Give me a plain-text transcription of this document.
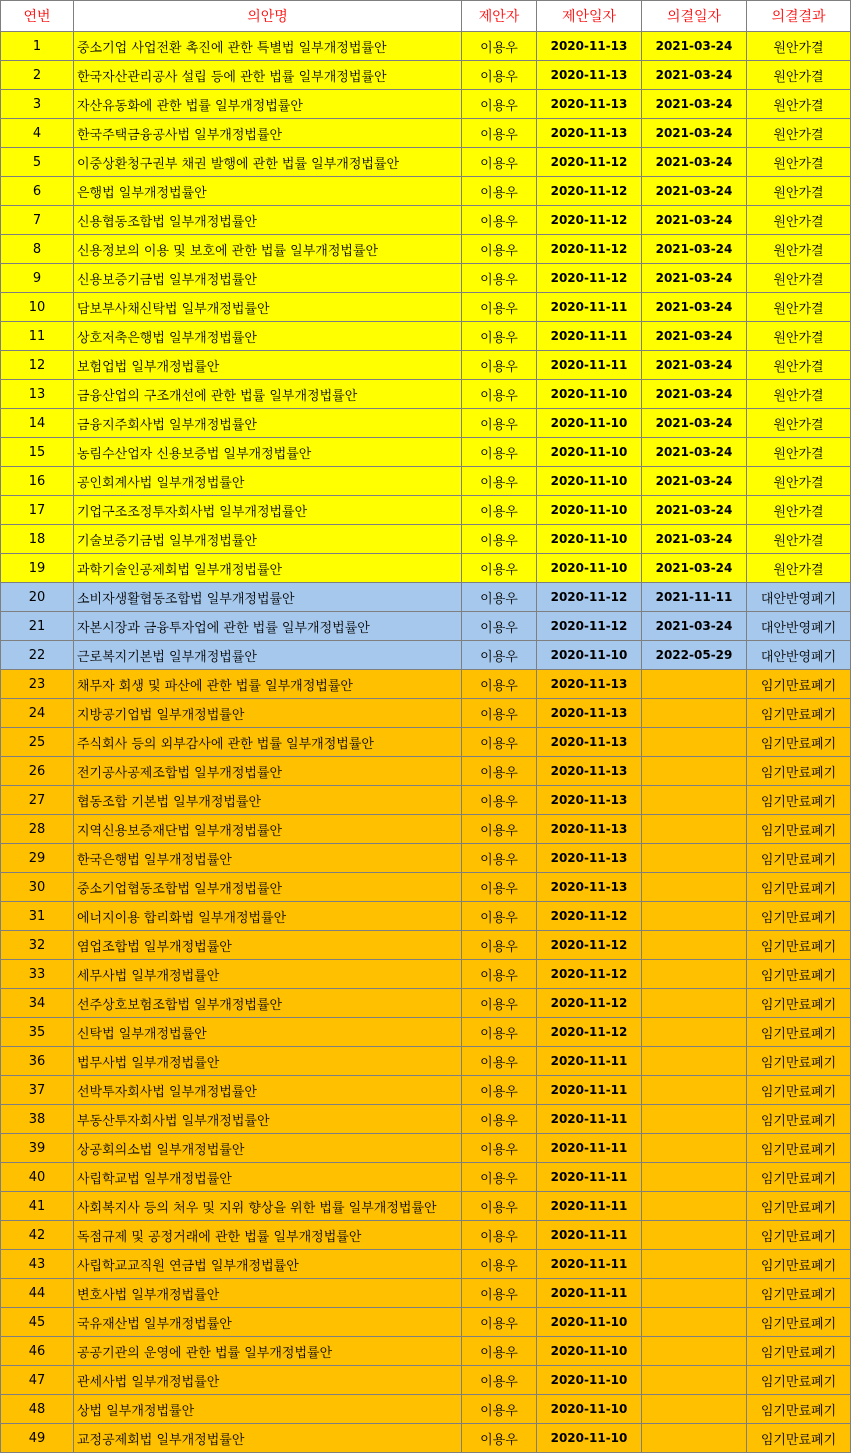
연번	의안명	제안자	제안일자	의결일자	의결결과
1	중소기업 사업전환 촉진에 관한 특별법 일부개정법률안	이용우	2020-11-13	2021-03-24	원안가결
2	한국자산관리공사 설립 등에 관한 법률 일부개정법률안	이용우	2020-11-13	2021-03-24	원안가결
3	자산유동화에 관한 법률 일부개정법률안	이용우	2020-11-13	2021-03-24	원안가결
4	한국주택금융공사법 일부개정법률안	이용우	2020-11-13	2021-03-24	원안가결
5	이중상환청구권부 채권 발행에 관한 법률 일부개정법률안	이용우	2020-11-12	2021-03-24	원안가결
6	은행법 일부개정법률안	이용우	2020-11-12	2021-03-24	원안가결
7	신용협동조합법 일부개정법률안	이용우	2020-11-12	2021-03-24	원안가결
8	신용정보의 이용 및 보호에 관한 법률 일부개정법률안	이용우	2020-11-12	2021-03-24	원안가결
9	신용보증기금법 일부개정법률안	이용우	2020-11-12	2021-03-24	원안가결
10	담보부사채신탁법 일부개정법률안	이용우	2020-11-11	2021-03-24	원안가결
11	상호저축은행법 일부개정법률안	이용우	2020-11-11	2021-03-24	원안가결
12	보험업법 일부개정법률안	이용우	2020-11-11	2021-03-24	원안가결
13	금융산업의 구조개선에 관한 법률 일부개정법률안	이용우	2020-11-10	2021-03-24	원안가결
14	금융지주회사법 일부개정법률안	이용우	2020-11-10	2021-03-24	원안가결
15	농림수산업자 신용보증법 일부개정법률안	이용우	2020-11-10	2021-03-24	원안가결
16	공인회계사법 일부개정법률안	이용우	2020-11-10	2021-03-24	원안가결
17	기업구조조정투자회사법 일부개정법률안	이용우	2020-11-10	2021-03-24	원안가결
18	기술보증기금법 일부개정법률안	이용우	2020-11-10	2021-03-24	원안가결
19	과학기술인공제회법 일부개정법률안	이용우	2020-11-10	2021-03-24	원안가결
20	소비자생활협동조합법 일부개정법률안	이용우	2020-11-12	2021-11-11	대안반영폐기
21	자본시장과 금융투자업에 관한 법률 일부개정법률안	이용우	2020-11-12	2021-03-24	대안반영폐기
22	근로복지기본법 일부개정법률안	이용우	2020-11-10	2022-05-29	대안반영폐기
23	채무자 회생 및 파산에 관한 법률 일부개정법률안	이용우	2020-11-13		임기만료폐기
24	지방공기업법 일부개정법률안	이용우	2020-11-13		임기만료폐기
25	주식회사 등의 외부감사에 관한 법률 일부개정법률안	이용우	2020-11-13		임기만료폐기
26	전기공사공제조합법 일부개정법률안	이용우	2020-11-13		임기만료폐기
27	협동조합 기본법 일부개정법률안	이용우	2020-11-13		임기만료폐기
28	지역신용보증재단법 일부개정법률안	이용우	2020-11-13		임기만료폐기
29	한국은행법 일부개정법률안	이용우	2020-11-13		임기만료폐기
30	중소기업협동조합법 일부개정법률안	이용우	2020-11-13		임기만료폐기
31	에너지이용 합리화법 일부개정법률안	이용우	2020-11-12		임기만료폐기
32	염업조합법 일부개정법률안	이용우	2020-11-12		임기만료폐기
33	세무사법 일부개정법률안	이용우	2020-11-12		임기만료폐기
34	선주상호보험조합법 일부개정법률안	이용우	2020-11-12		임기만료폐기
35	신탁법 일부개정법률안	이용우	2020-11-12		임기만료폐기
36	법무사법 일부개정법률안	이용우	2020-11-11		임기만료폐기
37	선박투자회사법 일부개정법률안	이용우	2020-11-11		임기만료폐기
38	부동산투자회사법 일부개정법률안	이용우	2020-11-11		임기만료폐기
39	상공회의소법 일부개정법률안	이용우	2020-11-11		임기만료폐기
40	사립학교법 일부개정법률안	이용우	2020-11-11		임기만료폐기
41	사회복지사 등의 처우 및 지위 향상을 위한 법률 일부개정법률안	이용우	2020-11-11		임기만료폐기
42	독점규제 및 공정거래에 관한 법률 일부개정법률안	이용우	2020-11-11		임기만료폐기
43	사립학교교직원 연금법 일부개정법률안	이용우	2020-11-11		임기만료폐기
44	변호사법 일부개정법률안	이용우	2020-11-11		임기만료폐기
45	국유재산법 일부개정법률안	이용우	2020-11-10		임기만료폐기
46	공공기관의 운영에 관한 법률 일부개정법률안	이용우	2020-11-10		임기만료폐기
47	관세사법 일부개정법률안	이용우	2020-11-10		임기만료폐기
48	상법 일부개정법률안	이용우	2020-11-10		임기만료폐기
49	교정공제회법 일부개정법률안	이용우	2020-11-10		임기만료폐기
